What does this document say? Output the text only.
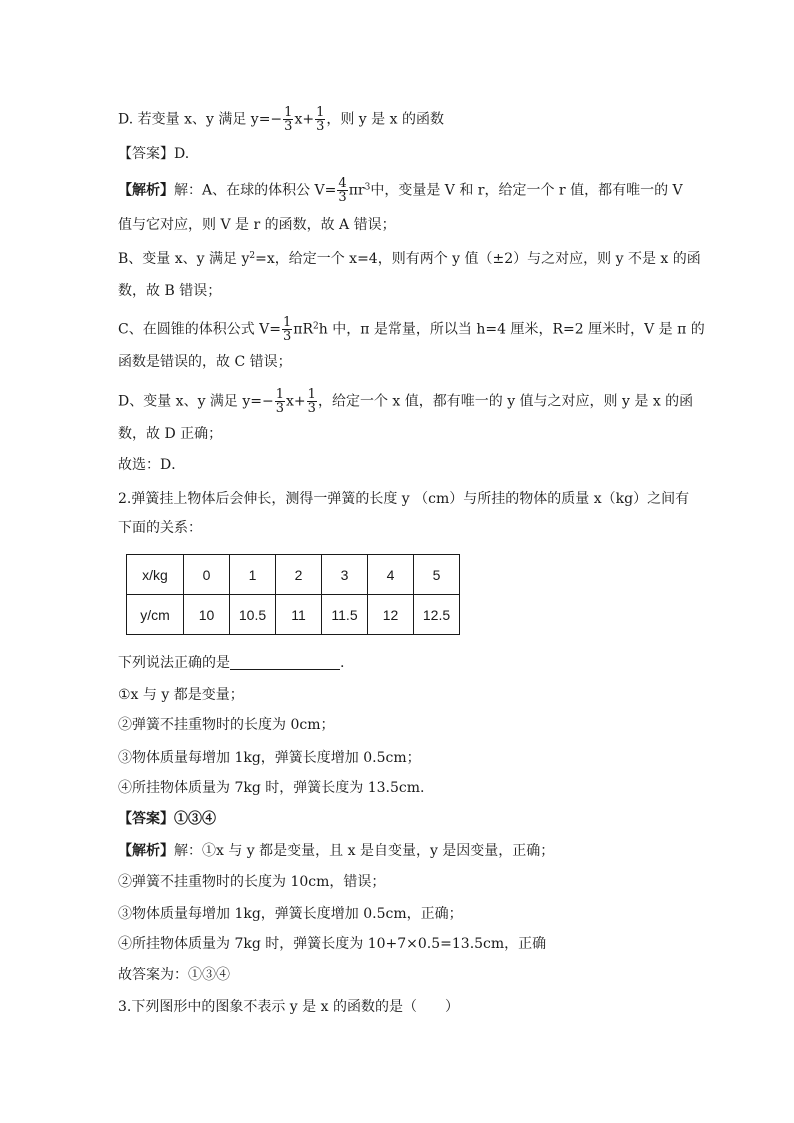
D. 若变量 x、y 满足 $y=- \frac{1}{3} x+ \frac{1}{3}$ ，则 y 是 x 的函数
【答案】D.
【解析】解：A、在球的体积公 $V= \frac{4}{3} \pi r^3$中，变量是 V 和 r，给定一个 r 值，都有唯一的 V
值与它对应，则 V 是 r 的函数，故 A 错误；
B、变量 x、y 满足 $y^2=x$，给定一个 x=4，则有两个 y 值（±2）与之对应，则 y 不是 x 的函
数，故 B 错误；
C、在圆锥的体积公式 $V= \frac{1}{3} \pi R^2h$ 中，π 是常量，所以当 h=4 厘米，R=2 厘米时，V 是 π 的
函数是错误的，故 C 错误；
D、变量 x、y 满足 $y=- \frac{1}{3} x+ \frac{1}{3}$ ，给定一个 x 值，都有唯一的 y 值与之对应，则 y 是 x 的函
数，故 D 正确；
故选：D．
2.弹簧挂上物体后会伸长，测得一弹簧的长度 y （cm）与所挂的物体的质量 x（kg）之间有
下面的关系：
x/kg	0	1	2	3	4	5
y/cm	10	10.5	11	11.5	12	12.5
下列说法正确的是	.
①x 与 y 都是变量；
②弹簧不挂重物时的长度为 0cm；
③物体质量每增加 1kg，弹簧长度增加 0.5cm；
④所挂物体质量为 7kg 时，弹簧长度为 13.5cm.
【答案】①③④
【解析】解：①x 与 y 都是变量，且 x 是自变量，y 是因变量，正确；
②弹簧不挂重物时的长度为 10cm，错误；
③物体质量每增加 1kg，弹簧长度增加 0.5cm，正确；
④所挂物体质量为 7kg 时，弹簧长度为 10+7×0.5=13.5cm，正确
故答案为：①③④
3.下列图形中的图象不表示 y 是 x 的函数的是（　　）
